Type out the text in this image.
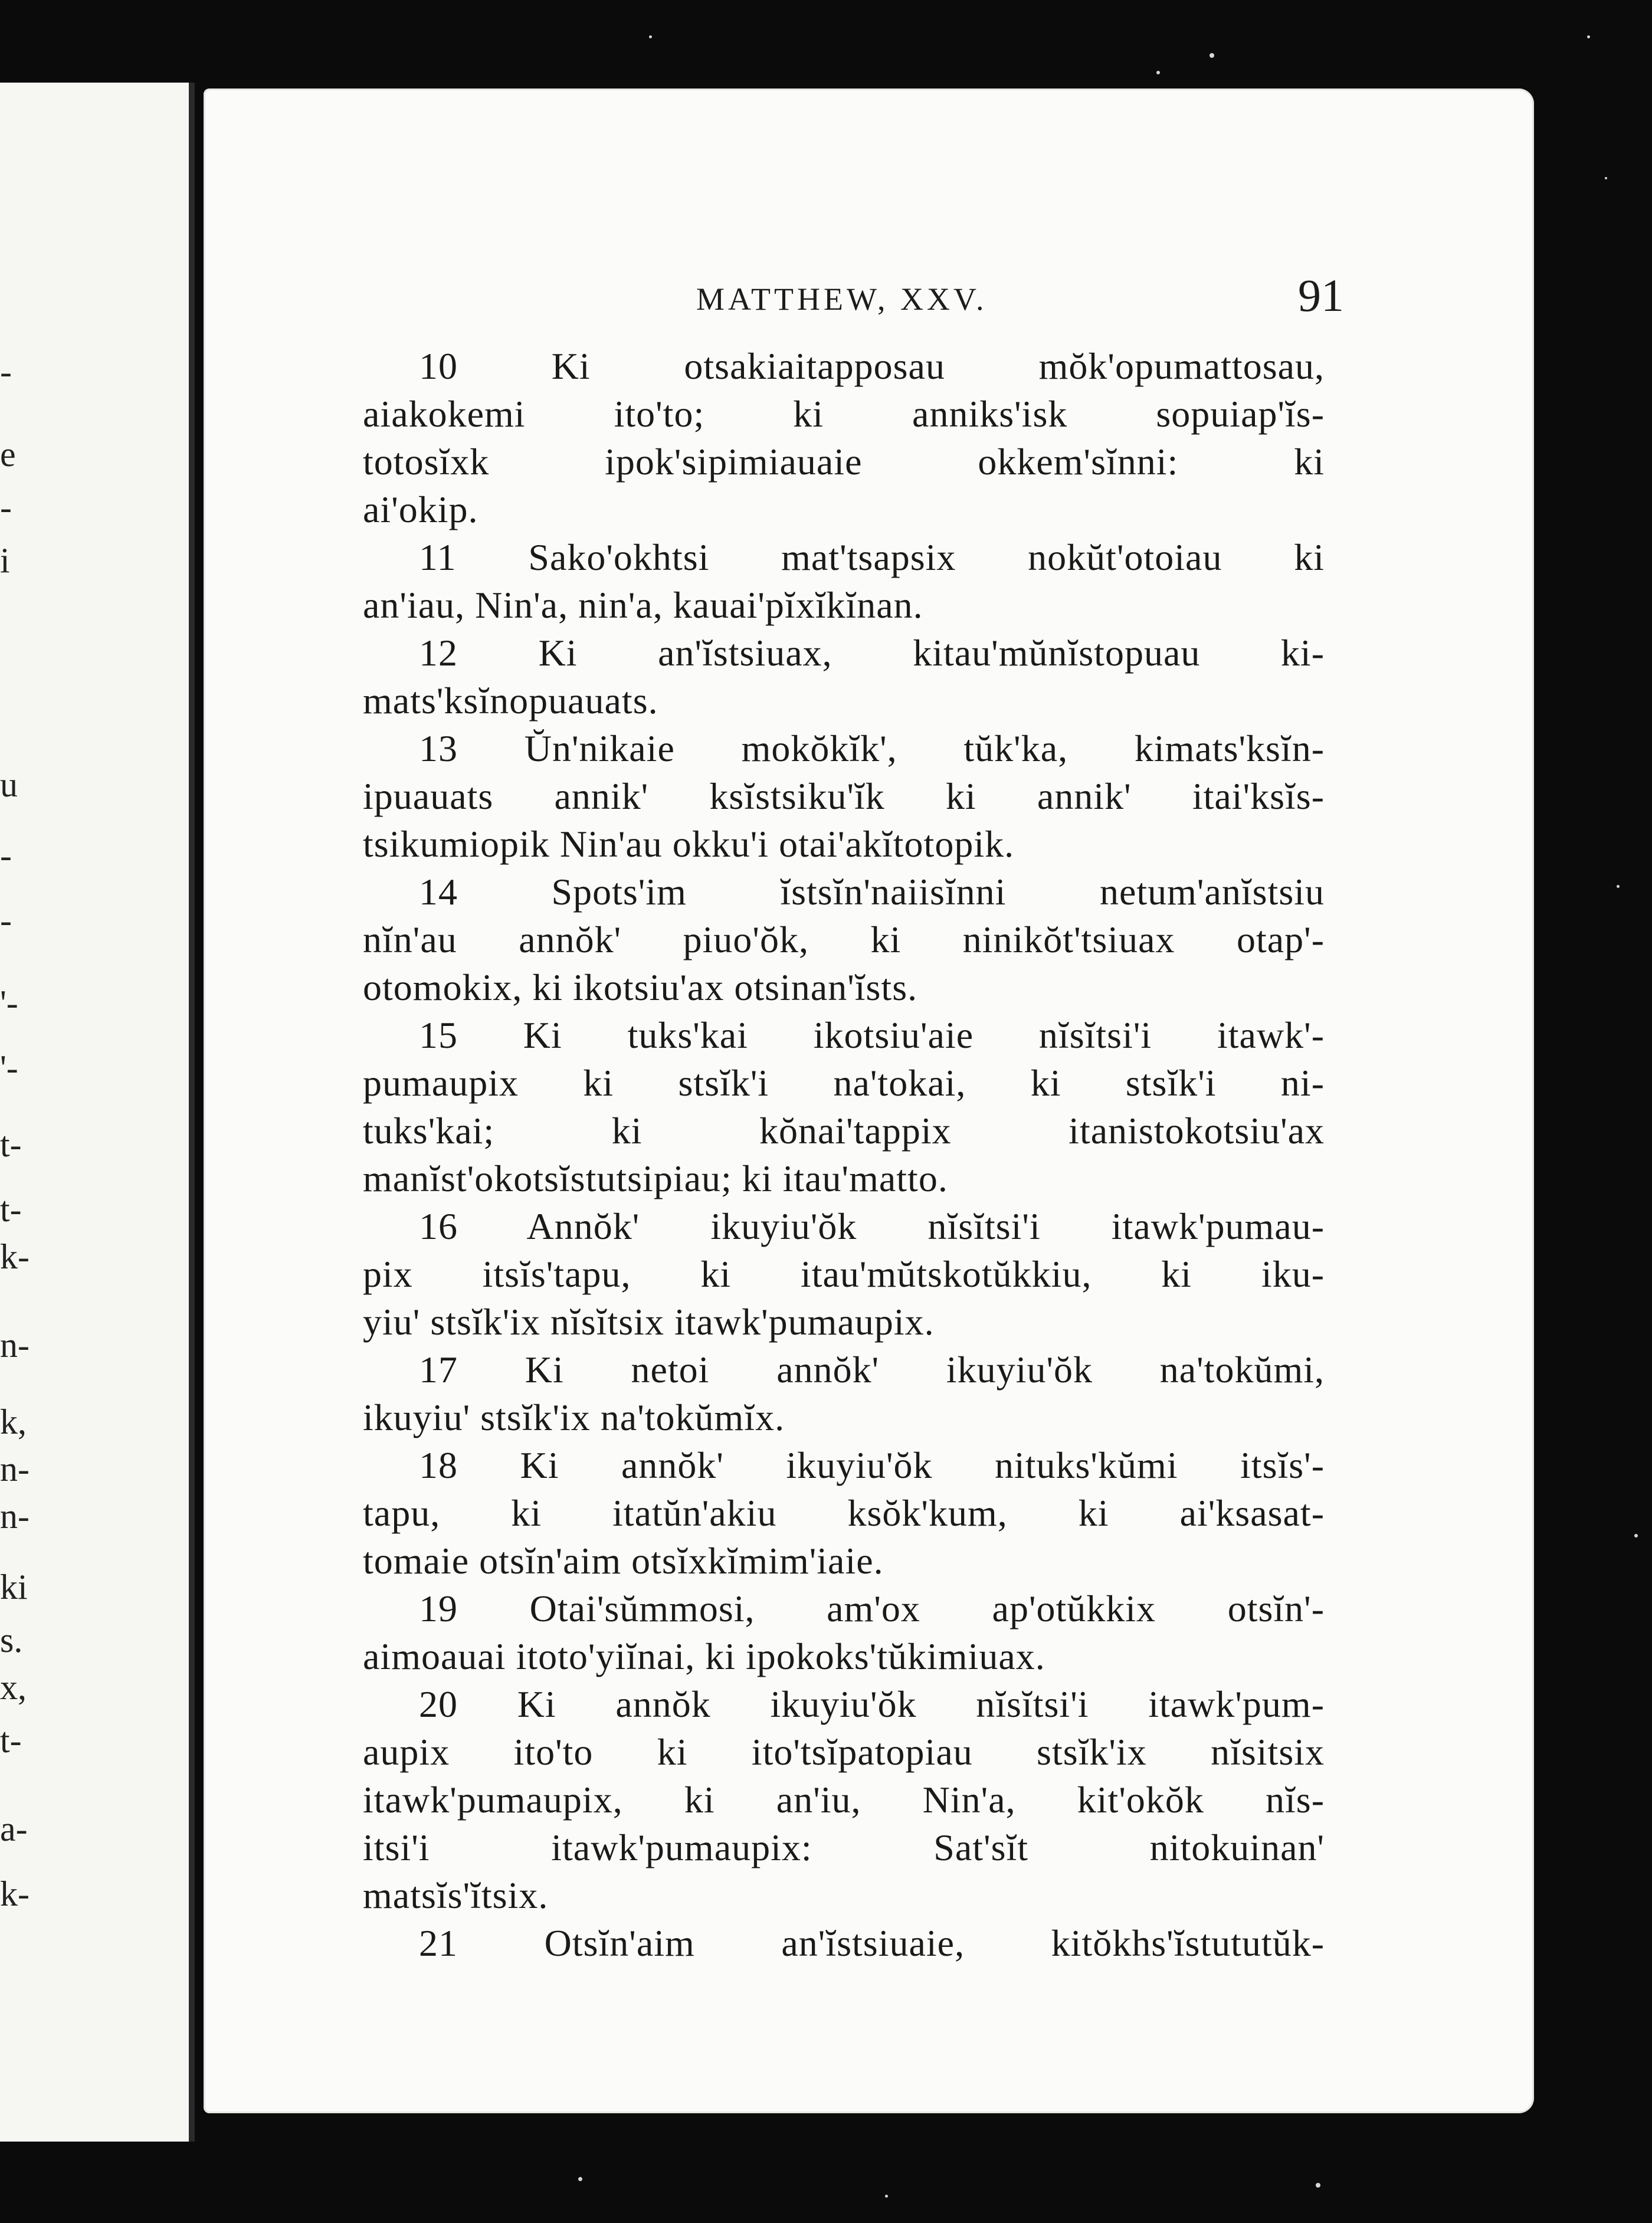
-
e
-
i
u
-
-
'-
'-
t-
t-
k-
n-
k,
n-
n-
ki
s.
x,
t-
a-
k-
MATTHEW, XXV.	91
10 Ki otsakiaitapposau mŏk'opumattosau,
aiakokemi ito'to; ki anniks'isk sopuiap'ĭs-
totosĭxk ipok'sipimiauaie okkem'sĭnni: ki
ai'okip.
11 Sako'okhtsi mat'tsapsix nokŭt'otoiau ki
an'iau, Nin'a, nin'a, kauai'pĭxĭkĭnan.
12 Ki an'ĭstsiuax, kitau'mŭnĭstopuau ki-
mats'ksĭnopuauats.
13 Ŭn'nikaie mokŏkĭk', tŭk'ka, kimats'ksĭn-
ipuauats annik' ksĭstsiku'ĭk ki annik' itai'ksĭs-
tsikumiopik Nin'au okku'i otai'akĭtotopik.
14 Spots'im ĭstsĭn'naiisĭnni netum'anĭstsiu
nĭn'au annŏk' piuo'ŏk, ki ninikŏt'tsiuax otap'-
otomokix, ki ikotsiu'ax otsinan'ĭsts.
15 Ki tuks'kai ikotsiu'aie nĭsĭtsi'i itawk'-
pumaupix ki stsĭk'i na'tokai, ki stsĭk'i ni-
tuks'kai; ki kŏnai'tappix itanistokotsiu'ax
manĭst'okotsĭstutsipiau; ki itau'matto.
16 Annŏk' ikuyiu'ŏk nĭsĭtsi'i itawk'pumau-
pix itsĭs'tapu, ki itau'mŭtskotŭkkiu, ki iku-
yiu' stsĭk'ix nĭsĭtsix itawk'pumaupix.
17 Ki netoi annŏk' ikuyiu'ŏk na'tokŭmi,
ikuyiu' stsĭk'ix na'tokŭmĭx.
18 Ki annŏk' ikuyiu'ŏk nituks'kŭmi itsĭs'-
tapu, ki itatŭn'akiu ksŏk'kum, ki ai'ksasat-
tomaie otsĭn'aim otsĭxkĭmim'iaie.
19 Otai'sŭmmosi, am'ox ap'otŭkkix otsĭn'-
aimoauai itoto'yiĭnai, ki ipokoks'tŭkimiuax.
20 Ki annŏk ikuyiu'ŏk nĭsĭtsi'i itawk'pum-
aupix ito'to ki ito'tsĭpatopiau stsĭk'ix nĭsitsix
itawk'pumaupix, ki an'iu, Nin'a, kit'okŏk nĭs-
itsi'i itawk'pumaupix: Sat'sĭt nitokuinan'
matsĭs'ĭtsix.
21 Otsĭn'aim an'ĭstsiuaie, kitŏkhs'ĭstututŭk-
